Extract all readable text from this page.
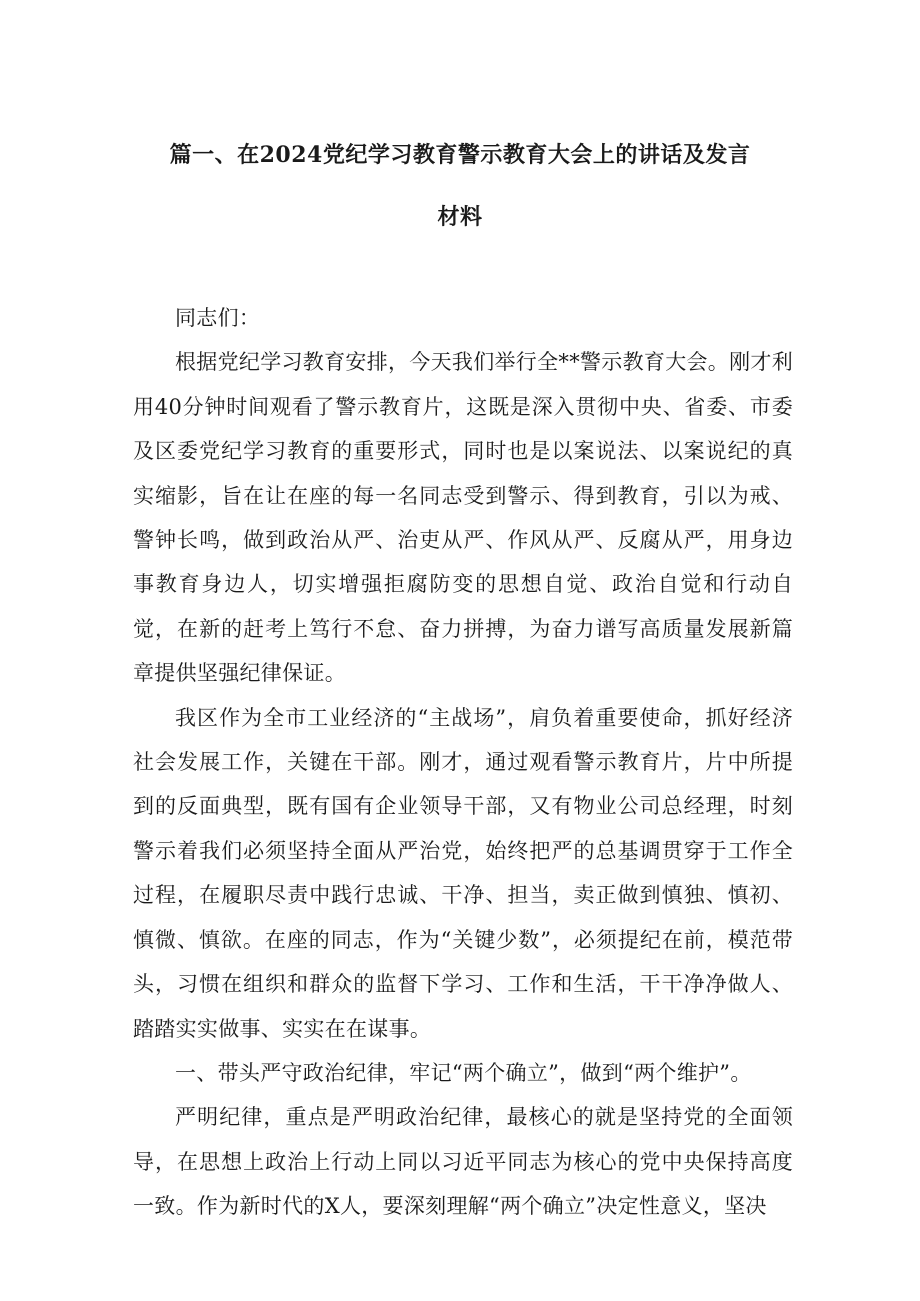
篇一、在2024党纪学习教育警示教育大会上的讲话及发言
材料

同志们：

根据党纪学习教育安排，今天我们举行全**警示教育大会。刚才利用40分钟时间观看了警示教育片，这既是深入贯彻中央、省委、市委及区委党纪学习教育的重要形式，同时也是以案说法、以案说纪的真实缩影，旨在让在座的每一名同志受到警示、得到教育，引以为戒、警钟长鸣，做到政治从严、治吏从严、作风从严、反腐从严，用身边事教育身边人，切实增强拒腐防变的思想自觉、政治自觉和行动自觉，在新的赶考上笃行不怠、奋力拼搏，为奋力谱写高质量发展新篇章提供坚强纪律保证。

我区作为全市工业经济的“主战场”，肩负着重要使命，抓好经济社会发展工作，关键在干部。刚才，通过观看警示教育片，片中所提到的反面典型，既有国有企业领导干部，又有物业公司总经理，时刻警示着我们必须坚持全面从严治党，始终把严的总基调贯穿于工作全过程，在履职尽责中践行忠诚、干净、担当，卖正做到慎独、慎初、慎微、慎欲。在座的同志，作为“关键少数”，必须提纪在前，模范带头，习惯在组织和群众的监督下学习、工作和生活，干干净净做人、踏踏实实做事、实实在在谋事。

一、带头严守政治纪律，牢记“两个确立”，做到“两个维护”。

严明纪律，重点是严明政治纪律，最核心的就是坚持党的全面领导，在思想上政治上行动上同以习近平同志为核心的党中央保持高度一致。作为新时代的X人，要深刻理解“两个确立”决定性意义，坚决
